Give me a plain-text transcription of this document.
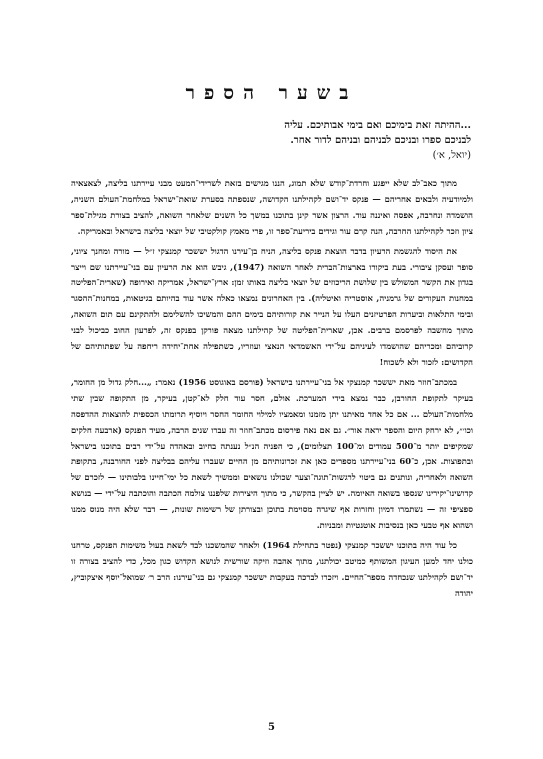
בשער הספר

...ההיתה זאת בימיכם ואם בימי אבותיכם. עליה

לבניכם ספרו ובניכם לבניהם ובניהם לדור אחר.

(יואל, א׳)

מתוך כאב־לב שלא ייפגע וחרדת־קודש שלא תמוג, הננו מגישים בזאת לשרידי־המעט מבני עיירתנו בליצה, לצאצאיה ולמיודעיה ולבאים אחריהם — פנקס יד־ושם לקהילתנו הקדושה, שנספתה בסערת שואת־ישראל במלחמת־העולם השניה, הושמדה ונחרבה, אפסה ואיננה עוד. הרצון אשר קינן בתוכנו במשך כל השנים שלאחר השואה, להציב בצורת מגילת־ספר ציון וזכר לקהילתנו החרבה, הנה קרם עור וגידים ביריעת־ספר זו, פרי מאמץ קולקטיבי של יוצאי בליצה בישראל ובאמריקה.

את היסוד להגשמת הרעיון בדבר הוצאת פנקס בליצה, הניח בן־עירנו הדגול יששכר קמנצקי ז״ל — מורה ומחנך ציוני, סופר ועסקן ציבורי. בעת ביקורו בארצות־הברית לאחר השואה (1947), גיבש הוא את הרעיון עם בני־עיירתנו שם וייצר בגדון את הקשר המשולש בין שלושת הריכוזים של יוצאי בליצה באותו זמן: ארץ־ישראל, אמריקה ואירופה (שארית־הפליטה במחנות העקורים של גרמניה, אוסטריה ואיטליה). בין האחרונים נמצאו כאלה אשר עוד בהיותם בגיטאות, במחנות־ההסגר ובימי התלאות וביערות הפרטיזנים העלו על הנייר את קורותיהם בימים ההם והמשיכו להשלימם ולהתקינם עם תום השואה, מתוך מחשבה לפרסמם ברבים. אכן, שארית־הפליטה של קהילתנו מצאה פורקן בפנקס זה, לפרעון החוב כביכול לבני קרוביהם ומכריהם שהושמדו לעיניהם על־ידי האשמדאי הנאצי ועוזריו, כשתפילה אחת־יחידה ריחפה על שפתותיהם של הקדושים: לזכור ולא לשכוח!

במכתב־חוזר מאת יששכר קמנצקי אל בני־עיירתנו בישראל (פורסם באוגוסט 1956) נאמר: „...חלק גדול מן החומר, בעיקר לתקופת החורבן, כבר נמצא בידי המערכת. אולם, חסר עוד חלק לא־קטן, בעיקר, מן התקופה שבין שתי מלחמות־העולם ... אם כל אחד מאיתנו יתן מזמנו ומאמציו למילוי החומר החסר ויוסיף תרומתו הכספית להוצאות ההדפסה וכו׳״, לא ירחק היום והספר יראה אור״. גם אם נאה פירסום מכתב־חוזר זה עברו שנים הרבה, מעיד הפנקס (ארבעה חלקים שמקיפים יותר מ־500 עמודים ומ־100 תצלומים), כי הפניה הנ״ל נענתה בחיוב ובאהדה על־ידי רבים בתוכנו בישראל ובתפוצות. אכן, כ־60 בני־עיירתנו מספרים כאן את זכרונותיהם מן החיים שעברו עליהם בבליצה לפני החורבנה, בתקופת השואה ולאחריה, ונותנים גם ביטוי לרגשות־תוגה־וצער שכולנו נושאים וממשיך לשאת כל ימי־חיינו בלבותינו — לזכרם של קדושינו־יקירינו שנספו בשואה האיומה. יש לציין בהקשר, כי מתוך היצירות שלפננו צולמה הכתבה והוכתבה על־ידי — בנושא ספציפי זה — נשתמרו דמיון וחזרות אף שיגרה מסוימת בתוכן ובצורתן של רשימות שונות, — דבר שלא היה מנוס ממנו ושהוא אף טבעי כאן בנסיבות אוטנטיות ומבניות.

כל עוד היה בתוכנו יששכר קמנצקי (נפטר בתחילת 1964) ולאחר שהמשכנו לבד לשאת בעול משימות הפנקס, טרחנו כולנו יחד למען העיגון המשותף כמיטב יכולתנו, מתוך אהבה וזיקה שורשית לנושא הקדוש כגון מכל, כדי להציב בצורה זו יד־ושם לקהילתנו שנכחדה מספר־החיים. ויזכרו לברכה בעקבות יששכר קמנצקי גם בני־עירנו: הרב ר׳ שמואל־יוסף איצקוביץ, יהודה

5
